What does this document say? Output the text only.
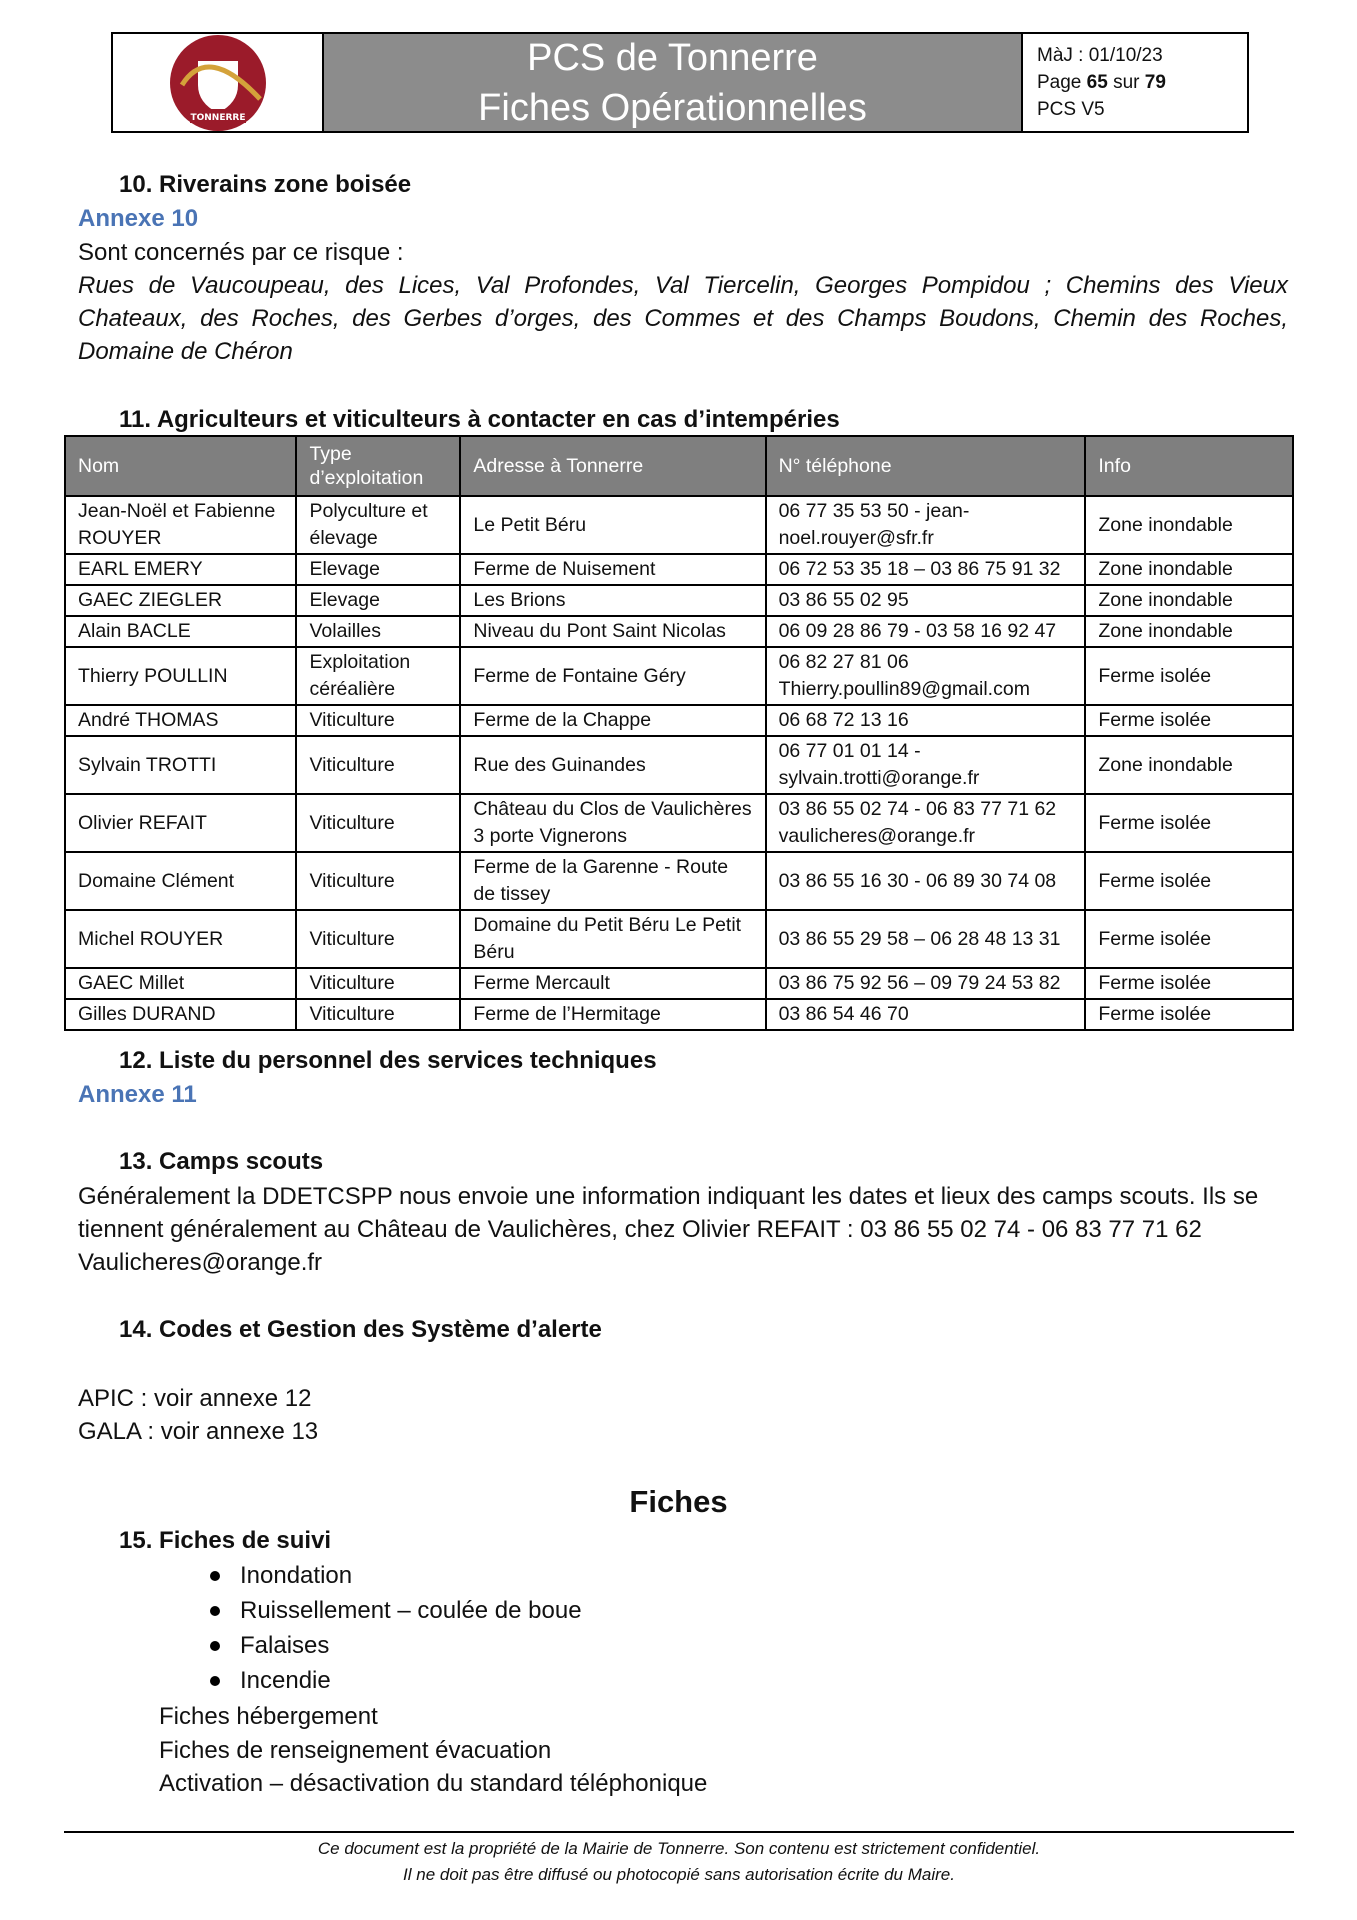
TONNERRE
PCS de Tonnerre
Fiches Opérationnelles
MàJ : 01/10/23
Page 65 sur 79
PCS V5
10. Riverains zone boisée
Annexe 10
Sont concernés par ce risque :
Rues de Vaucoupeau, des Lices, Val Profondes, Val Tiercelin, Georges Pompidou ; Chemins des Vieux Chateaux, des Roches, des Gerbes d’orges, des Commes et des Champs Boudons, Chemin des Roches, Domaine de Chéron
11. Agriculteurs et viticulteurs à contacter en cas d’intempéries
Nom	Type d’exploitation	Adresse à Tonnerre	N° téléphone	Info
Jean-Noël et Fabienne ROUYER	Polyculture et élevage	Le Petit Béru	06 77 35 53 50 - jean-noel.rouyer@sfr.fr	Zone inondable
EARL EMERY	Elevage	Ferme de Nuisement	06 72 53 35 18 – 03 86 75 91 32	Zone inondable
GAEC ZIEGLER	Elevage	Les Brions	03 86 55 02 95	Zone inondable
Alain BACLE	Volailles	Niveau du Pont Saint Nicolas	06 09 28 86 79 - 03 58 16 92 47	Zone inondable
Thierry POULLIN	Exploitation céréalière	Ferme de Fontaine Géry	06 82 27 81 06 Thierry.poullin89@gmail.com	Ferme isolée
André THOMAS	Viticulture	Ferme de la Chappe	06 68 72 13 16	Ferme isolée
Sylvain TROTTI	Viticulture	Rue des Guinandes	06 77 01 01 14 - sylvain.trotti@orange.fr	Zone inondable
Olivier REFAIT	Viticulture	Château du Clos de Vaulichères 3 porte Vignerons	03 86 55 02 74 - 06 83 77 71 62 vaulicheres@orange.fr	Ferme isolée
Domaine Clément	Viticulture	Ferme de la Garenne - Route de tissey	03 86 55 16 30 - 06 89 30 74 08	Ferme isolée
Michel ROUYER	Viticulture	Domaine du Petit Béru Le Petit Béru	03 86 55 29 58 – 06 28 48 13 31	Ferme isolée
GAEC Millet	Viticulture	Ferme Mercault	03 86 75 92 56 – 09 79 24 53 82	Ferme isolée
Gilles DURAND	Viticulture	Ferme de l’Hermitage	03 86 54 46 70	Ferme isolée
12. Liste du personnel des services techniques
Annexe 11
13. Camps scouts
Généralement la DDETCSPP nous envoie une information indiquant les dates et lieux des camps scouts. Ils se tiennent généralement au Château de Vaulichères, chez Olivier REFAIT : 03 86 55 02 74 - 06 83 77 71 62 Vaulicheres@orange.fr
14. Codes et Gestion des Système d’alerte
APIC : voir annexe 12
GALA : voir annexe 13
Fiches
15. Fiches de suivi
Inondation
Ruissellement – coulée de boue
Falaises
Incendie
Fiches hébergement
Fiches de renseignement évacuation
Activation – désactivation du standard téléphonique
Ce document est la propriété de la Mairie de Tonnerre. Son contenu est strictement confidentiel.
Il ne doit pas être diffusé ou photocopié sans autorisation écrite du Maire.
